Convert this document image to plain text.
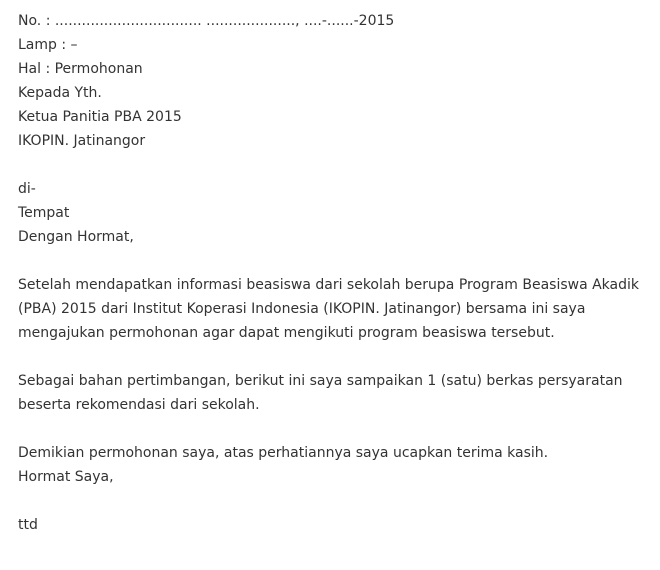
No. : ................................. ...................., ....-......-2015
Lamp : –
Hal : Permohonan
Kepada Yth.
Ketua Panitia PBA 2015
IKOPIN. Jatinangor
di-
Tempat
Dengan Hormat,
Setelah mendapatkan informasi beasiswa dari sekolah berupa Program Beasiswa Akadik
(PBA) 2015 dari Institut Koperasi Indonesia (IKOPIN. Jatinangor) bersama ini saya
mengajukan permohonan agar dapat mengikuti program beasiswa tersebut.
Sebagai bahan pertimbangan, berikut ini saya sampaikan 1 (satu) berkas persyaratan
beserta rekomendasi dari sekolah.
Demikian permohonan saya, atas perhatiannya saya ucapkan terima kasih.
Hormat Saya,
ttd
